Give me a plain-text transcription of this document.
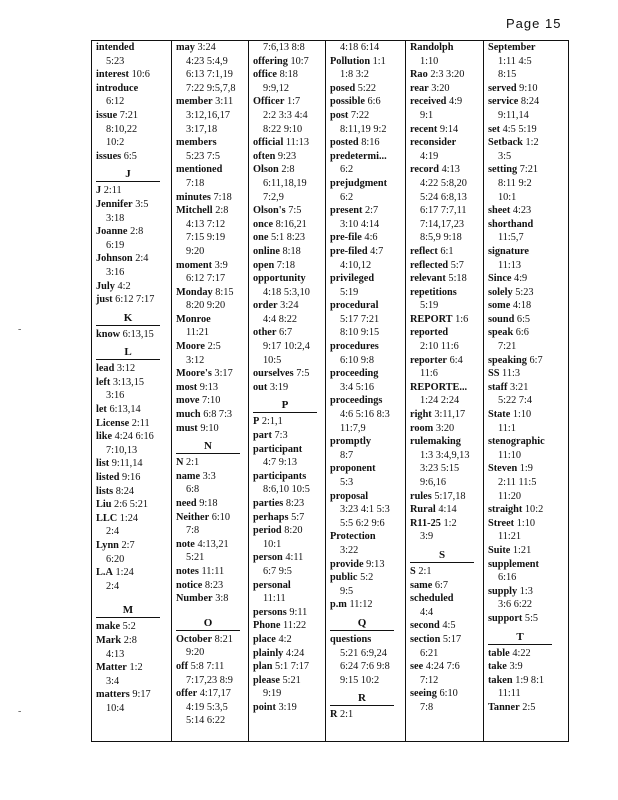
Page 15
-
-
intended
5:23
interest 10:6
introduce
6:12
issue 7:21
8:10,22
10:2
issues 6:5
J
J 2:11
Jennifer 3:5
3:18
Joanne 2:8
6:19
Johnson 2:4
3:16
July 4:2
just 6:12 7:17
K
know 6:13,15
L
lead 3:12
left 3:13,15
3:16
let 6:13,14
License 2:11
like 4:24 6:16
7:10,13
list 9:11,14
listed 9:16
lists 8:24
Liu 2:6 5:21
LLC 1:24
2:4
Lynn 2:7
6:20
L.A 1:24
2:4
M
make 5:2
Mark 2:8
4:13
Matter 1:2
3:4
matters 9:17
10:4
may 3:24
4:23 5:4,9
6:13 7:1,19
7:22 9:5,7,8
member 3:11
3:12,16,17
3:17,18
members
5:23 7:5
mentioned
7:18
minutes 7:18
Mitchell 2:8
4:13 7:12
7:15 9:19
9:20
moment 3:9
6:12 7:17
Monday 8:15
8:20 9:20
Monroe
11:21
Moore 2:5
3:12
Moore's 3:17
most 9:13
move 7:10
much 6:8 7:3
must 9:10
N
N 2:1
name 3:3
6:8
need 9:18
Neither 6:10
7:8
note 4:13,21
5:21
notes 11:11
notice 8:23
Number 3:8
O
October 8:21
9:20
off 5:8 7:11
7:17,23 8:9
offer 4:17,17
4:19 5:3,5
5:14 6:22
7:6,13 8:8
offering 10:7
office 8:18
9:9,12
Officer 1:7
2:2 3:3 4:4
8:22 9:10
official 11:13
often 9:23
Olson 2:8
6:11,18,19
7:2,9
Olson's 7:5
once 8:16,21
one 5:1 8:23
online 8:18
open 7:18
opportunity
4:18 5:3,10
order 3:24
4:4 8:22
other 6:7
9:17 10:2,4
10:5
ourselves 7:5
out 3:19
P
P 2:1,1
part 7:3
participant
4:7 9:13
participants
8:6,10 10:5
parties 8:23
perhaps 5:7
period 8:20
10:1
person 4:11
6:7 9:5
personal
11:11
persons 9:11
Phone 11:22
place 4:2
plainly 4:24
plan 5:1 7:17
please 5:21
9:19
point 3:19
4:18 6:14
Pollution 1:1
1:8 3:2
posed 5:22
possible 6:6
post 7:22
8:11,19 9:2
posted 8:16
predetermi...
6:2
prejudgment
6:2
present 2:7
3:10 4:14
pre-file 4:6
pre-filed 4:7
4:10,12
privileged
5:19
procedural
5:17 7:21
8:10 9:15
procedures
6:10 9:8
proceeding
3:4 5:16
proceedings
4:6 5:16 8:3
11:7,9
promptly
8:7
proponent
5:3
proposal
3:23 4:1 5:3
5:5 6:2 9:6
Protection
3:22
provide 9:13
public 5:2
9:5
p.m 11:12
Q
questions
5:21 6:9,24
6:24 7:6 9:8
9:15 10:2
R
R 2:1
Randolph
1:10
Rao 2:3 3:20
rear 3:20
received 4:9
9:1
recent 9:14
reconsider
4:19
record 4:13
4:22 5:8,20
5:24 6:8,13
6:17 7:7,11
7:14,17,23
8:5,9 9:18
reflect 6:1
reflected 5:7
relevant 5:18
repetitions
5:19
REPORT 1:6
reported
2:10 11:6
reporter 6:4
11:6
REPORTE...
1:24 2:24
right 3:11,17
room 3:20
rulemaking
1:3 3:4,9,13
3:23 5:15
9:6,16
rules 5:17,18
Rural 4:14
R11-25 1:2
3:9
S
S 2:1
same 6:7
scheduled
4:4
second 4:5
section 5:17
6:21
see 4:24 7:6
7:12
seeing 6:10
7:8
September
1:11 4:5
8:15
served 9:10
service 8:24
9:11,14
set 4:5 5:19
Setback 1:2
3:5
setting 7:21
8:11 9:2
10:1
sheet 4:23
shorthand
11:5,7
signature
11:13
Since 4:9
solely 5:23
some 4:18
sound 6:5
speak 6:6
7:21
speaking 6:7
SS 11:3
staff 3:21
5:22 7:4
State 1:10
11:1
stenographic
11:10
Steven 1:9
2:11 11:5
11:20
straight 10:2
Street 1:10
11:21
Suite 1:21
supplement
6:16
supply 1:3
3:6 6:22
support 5:5
T
table 4:22
take 3:9
taken 1:9 8:1
11:11
Tanner 2:5
